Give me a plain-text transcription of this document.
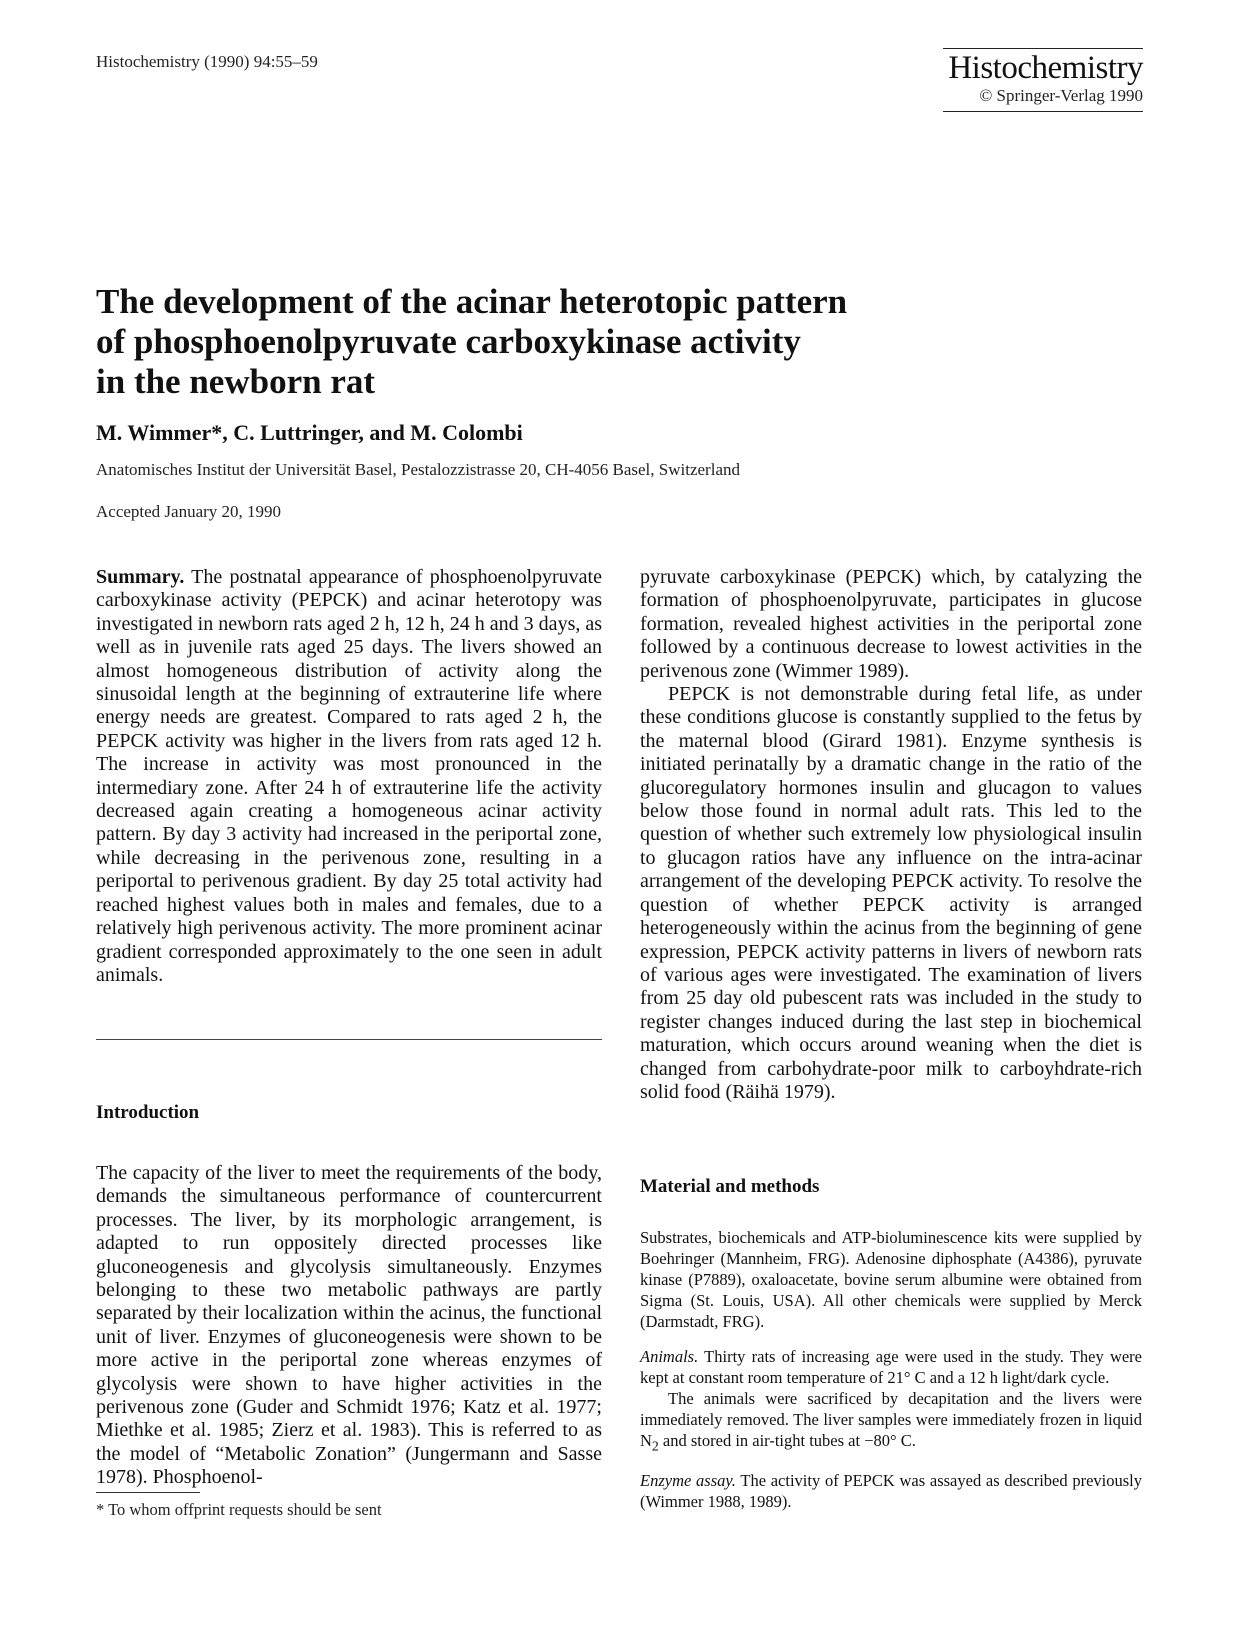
Histochemistry (1990) 94:55–59	Histochemistry
© Springer-Verlag 1990
The development of the acinar heterotopic pattern
of phosphoenolpyruvate carboxykinase activity
in the newborn rat
M. Wimmer*, C. Luttringer, and M. Colombi
Anatomisches Institut der Universität Basel, Pestalozzistrasse 20, CH-4056 Basel, Switzerland
Accepted January 20, 1990

Summary. The postnatal appearance of phosphoenolpyruvate carboxykinase activity (PEPCK) and acinar heterotopy was investigated in newborn rats aged 2 h, 12 h, 24 h and 3 days, as well as in juvenile rats aged 25 days. The livers showed an almost homogeneous distribution of activity along the sinusoidal length at the beginning of extrauterine life where energy needs are greatest. Compared to rats aged 2 h, the PEPCK activity was higher in the livers from rats aged 12 h. The increase in activity was most pronounced in the intermediary zone. After 24 h of extrauterine life the activity decreased again creating a homogeneous acinar activity pattern. By day 3 activity had increased in the periportal zone, while decreasing in the perivenous zone, resulting in a periportal to perivenous gradient. By day 25 total activity had reached highest values both in males and females, due to a relatively high perivenous activity. The more prominent acinar gradient corresponded approximately to the one seen in adult animals.

Introduction

The capacity of the liver to meet the requirements of the body, demands the simultaneous performance of countercurrent processes. The liver, by its morphologic arrangement, is adapted to run oppositely directed processes like gluconeogenesis and glycolysis simultaneously. Enzymes belonging to these two metabolic pathways are partly separated by their localization within the acinus, the functional unit of liver. Enzymes of gluconeogenesis were shown to be more active in the periportal zone whereas enzymes of glycolysis were shown to have higher activities in the perivenous zone (Guder and Schmidt 1976; Katz et al. 1977; Miethke et al. 1985; Zierz et al. 1983). This is referred to as the model of “Metabolic Zonation” (Jungermann and Sasse 1978). Phosphoenol-

pyruvate carboxykinase (PEPCK) which, by catalyzing the formation of phosphoenolpyruvate, participates in glucose formation, revealed highest activities in the periportal zone followed by a continuous decrease to lowest activities in the perivenous zone (Wimmer 1989).

PEPCK is not demonstrable during fetal life, as under these conditions glucose is constantly supplied to the fetus by the maternal blood (Girard 1981). Enzyme synthesis is initiated perinatally by a dramatic change in the ratio of the glucoregulatory hormones insulin and glucagon to values below those found in normal adult rats. This led to the question of whether such extremely low physiological insulin to glucagon ratios have any influence on the intra-acinar arrangement of the developing PEPCK activity. To resolve the question of whether PEPCK activity is arranged heterogeneously within the acinus from the beginning of gene expression, PEPCK activity patterns in livers of newborn rats of various ages were investigated. The examination of livers from 25 day old pubescent rats was included in the study to register changes induced during the last step in biochemical maturation, which occurs around weaning when the diet is changed from carbohydrate-poor milk to carboyhdrate-rich solid food (Räihä 1979).

Material and methods

Substrates, biochemicals and ATP-bioluminescence kits were supplied by Boehringer (Mannheim, FRG). Adenosine diphosphate (A4386), pyruvate kinase (P7889), oxaloacetate, bovine serum albumine were obtained from Sigma (St. Louis, USA). All other chemicals were supplied by Merck (Darmstadt, FRG).

Animals. Thirty rats of increasing age were used in the study. They were kept at constant room temperature of 21° C and a 12 h light/dark cycle.

The animals were sacrificed by decapitation and the livers were immediately removed. The liver samples were immediately frozen in liquid $N_2$ and stored in air-tight tubes at −80° C.

Enzyme assay. The activity of PEPCK was assayed as described previously (Wimmer 1988, 1989).

* To whom offprint requests should be sent
